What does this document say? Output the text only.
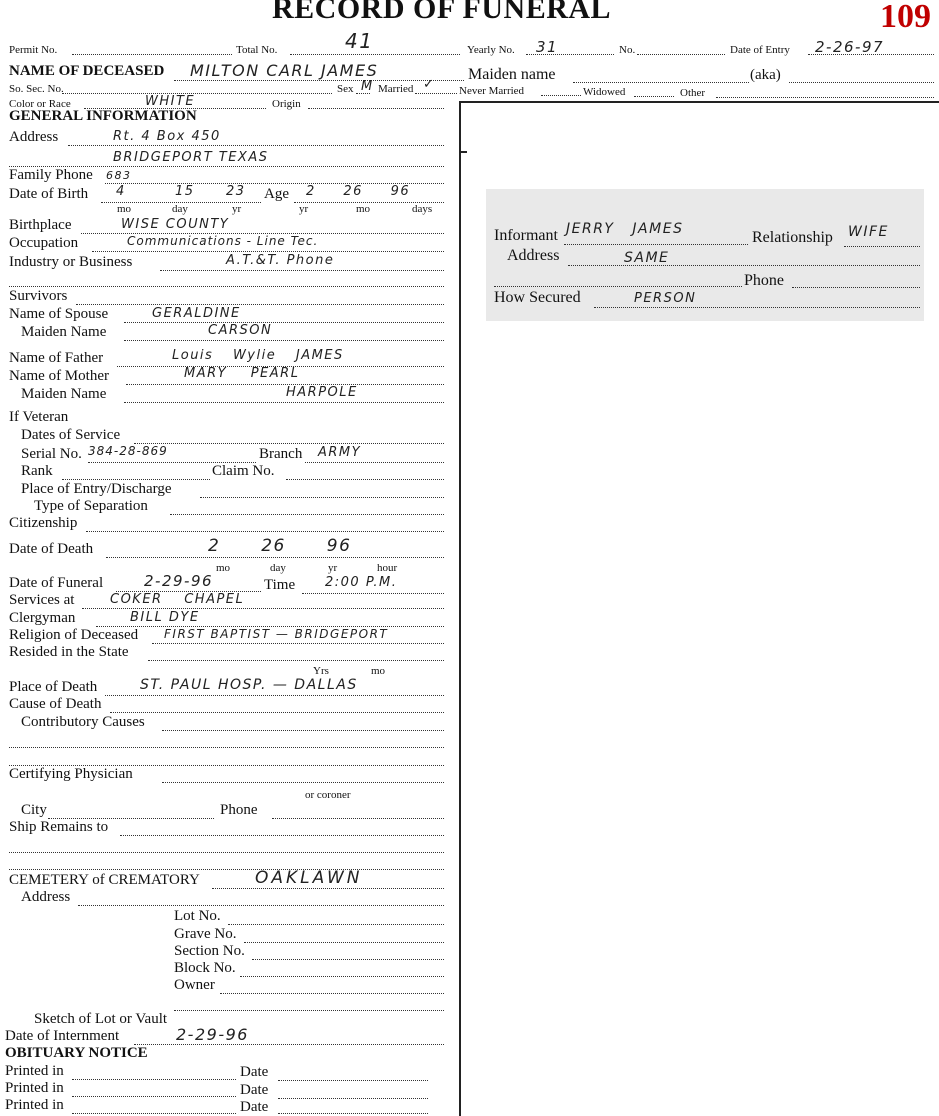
RECORD OF FUNERAL	109
Permit No.	Total No.	41	Yearly No. 31	No.	Date of Entry 2-26-97
NAME OF DECEASED MILTON CARL JAMES	Maiden name	(aka)
So. Sec. No.	Sex M Married ✓ Never Married	Widowed	Other
Color or Race	WHITE	Origin
GENERAL INFORMATION
Address	Rt. 4 Box 450
BRIDGEPORT TEXAS
Family Phone 683
Date of Birth 4	15 23 Age 2 26 96
mo	day	yr	yr	mo	days
Birthplace	WISE COUNTY
Occupation	Communications - Line Tec.
Industry or Business	A.T.&T. Phone
Survivors
Name of Spouse	GERALDINE
Maiden Name	CARSON
Name of Father	Louis Wylie JAMES
Name of Mother	MARY PEARL
Maiden Name	HARPOLE
If Veteran
Dates of Service
Serial No. 384-28-869	Branch ARMY
Rank	Claim No.
Place of Entry/Discharge
Type of Separation
Citizenship
Date of Death	2 26 96
mo	day	yr	hour
Date of Funeral	2-29-96	Time 2:00 P.M.
Services at	COKER CHAPEL
Clergyman	BILL DYE
Religion of Deceased FIRST BAPTIST — BRIDGEPORT
Resided in the State
Yrs	mo
Place of Death	ST. PAUL HOSP. — DALLAS
Cause of Death
Contributory Causes
Certifying Physician
or coroner
City	Phone
Ship Remains to
CEMETERY of CREMATORY	OAKLAWN
Address
Lot No.
Grave No.
Section No.
Block No.
Owner
Sketch of Lot or Vault
Date of Internment	2-29-96
OBITUARY NOTICE
Printed in	Date
Printed in	Date
Printed in	Date
Informant JERRY JAMES	Relationship WIFE
Address	SAME
Phone
How Secured	PERSON
